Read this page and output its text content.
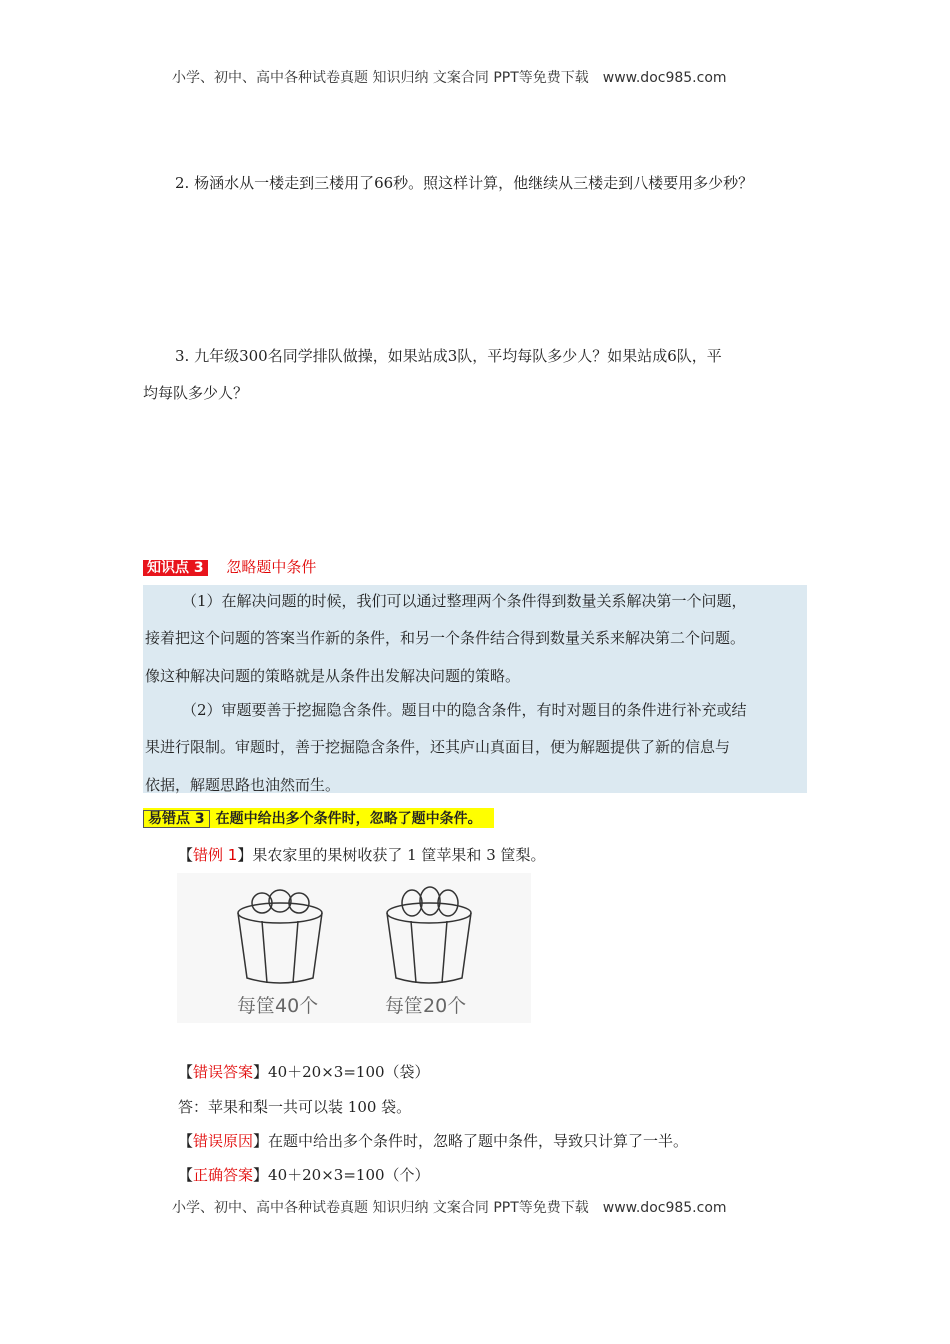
小学、初中、高中各种试卷真题 知识归纳 文案合同 PPT等免费下载　www.doc985.com
2. 杨涵水从一楼走到三楼用了66秒。照这样计算，他继续从三楼走到八楼要用多少秒？
3. 九年级300名同学排队做操，如果站成3队，平均每队多少人？如果站成6队，平
均每队多少人？
知识点 3 忽略题中条件
（1）在解决问题的时候，我们可以通过整理两个条件得到数量关系解决第一个问题，
接着把这个问题的答案当作新的条件，和另一个条件结合得到数量关系来解决第二个问题。
像这种解决问题的策略就是从条件出发解决问题的策略。
（2）审题要善于挖掘隐含条件。题目中的隐含条件，有时对题目的条件进行补充或结
果进行限制。审题时，善于挖掘隐含条件，还其庐山真面目，便为解题提供了新的信息与
依据，解题思路也油然而生。
易错点 3 在题中给出多个条件时，忽略了题中条件。
【错例 1】果农家里的果树收获了 1 筐苹果和 3 筐梨。
每筐40个	每筐20个
【错误答案】40＋20×3=100（袋）
答：苹果和梨一共可以装 100 袋。
【错误原因】在题中给出多个条件时，忽略了题中条件，导致只计算了一半。
【正确答案】40＋20×3=100（个）
小学、初中、高中各种试卷真题 知识归纳 文案合同 PPT等免费下载　www.doc985.com
